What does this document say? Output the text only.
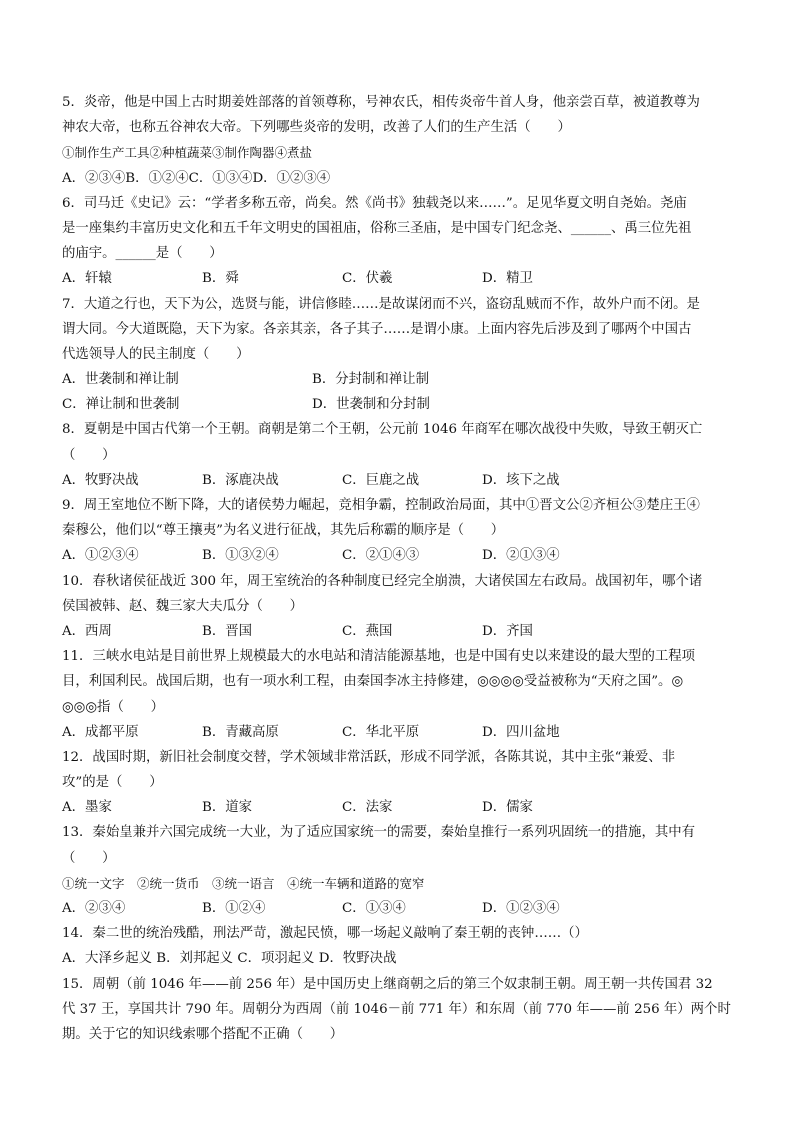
5．炎帝，他是中国上古时期姜姓部落的首领尊称，号神农氏，相传炎帝牛首人身，他亲尝百草，被道教尊为
神农大帝，也称五谷神农大帝。下列哪些炎帝的发明，改善了人们的生产生活（　　）
①制作生产工具②种植蔬菜③制作陶器④煮盐
A．②③④B．①②④C．①③④D．①②③④
6．司马迁《史记》云：“学者多称五帝，尚矣。然《尚书》独载尧以来……”。足见华夏文明自尧始。尧庙
是一座集约丰富历史文化和五千年文明史的国祖庙，俗称三圣庙，是中国专门纪念尧、______、禹三位先祖
的庙宇。______是（　　）
A．轩辕	B．舜	C．伏羲	D．精卫
7．大道之行也，天下为公，选贤与能，讲信修睦……是故谋闭而不兴，盗窃乱贼而不作，故外户而不闭。是
谓大同。今大道既隐，天下为家。各亲其亲，各子其子……是谓小康。上面内容先后涉及到了哪两个中国古
代选领导人的民主制度（　　）
A．世袭制和禅让制	B．分封制和禅让制
C．禅让制和世袭制	D．世袭制和分封制
8．夏朝是中国古代第一个王朝。商朝是第二个王朝，公元前 1046 年商军在哪次战役中失败，导致王朝灭亡
（　　）
A．牧野决战	B．涿鹿决战	C．巨鹿之战	D．垓下之战
9．周王室地位不断下降，大的诸侯势力崛起，竞相争霸，控制政治局面，其中①晋文公②齐桓公③楚庄王④
秦穆公，他们以“尊王攘夷”为名义进行征战，其先后称霸的顺序是（　　）
A．①②③④	B．①③②④	C．②①④③	D．②①③④
10．春秋诸侯征战近 300 年，周王室统治的各种制度已经完全崩溃，大诸侯国左右政局。战国初年，哪个诸
侯国被韩、赵、魏三家大夫瓜分（　　）
A．西周	B．晋国	C．燕国	D．齐国
11．三峡水电站是目前世界上规模最大的水电站和清洁能源基地，也是中国有史以来建设的最大型的工程项
目，利国利民。战国后期，也有一项水利工程，由秦国李冰主持修建，◎◎◎◎受益被称为“天府之国”。◎
◎◎◎指（　　）
A．成都平原	B．青藏高原	C．华北平原	D．四川盆地
12．战国时期，新旧社会制度交替，学术领域非常活跃，形成不同学派，各陈其说，其中主张“兼爱、非
攻”的是（　　）
A．墨家	B．道家	C．法家	D．儒家
13．秦始皇兼并六国完成统一大业，为了适应国家统一的需要，秦始皇推行一系列巩固统一的措施，其中有
（　　）
①统一文字　②统一货币　③统一语言　④统一车辆和道路的宽窄
A．②③④	B．①②④	C．①③④	D．①②③④
14．秦二世的统治残酷，刑法严苛，激起民愤，哪一场起义敲响了秦王朝的丧钟……（）
A．大泽乡起义 B．刘邦起义 C．项羽起义 D．牧野决战
15．周朝（前 1046 年——前 256 年）是中国历史上继商朝之后的第三个奴隶制王朝。周王朝一共传国君 32
代 37 王，享国共计 790 年。周朝分为西周（前 1046－前 771 年）和东周（前 770 年——前 256 年）两个时
期。关于它的知识线索哪个搭配不正确（　　）
